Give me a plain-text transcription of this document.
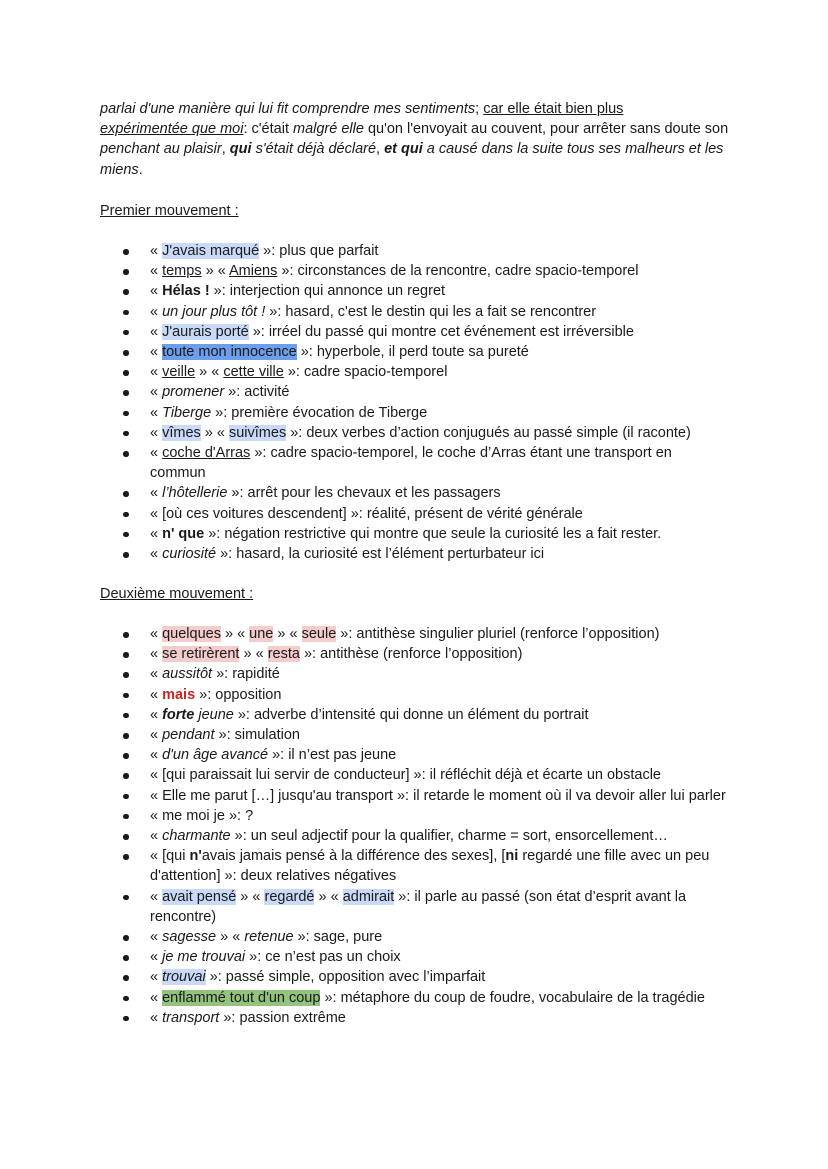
parlai d'une manière qui lui fit comprendre mes sentiments; car elle était bien plus
expérimentée que moi: c'était malgré elle qu'on l'envoyait au couvent, pour arrêter sans doute son penchant au plaisir, qui s'était déjà déclaré, et qui a causé dans la suite tous ses malheurs et les miens.

Premier mouvement :

« J'avais marqué »: plus que parfait
« temps » « Amiens »: circonstances de la rencontre, cadre spacio-temporel
« Hélas ! »: interjection qui annonce un regret
« un jour plus tôt ! »: hasard, c'est le destin qui les a fait se rencontrer
« J'aurais porté »: irréel du passé qui montre cet événement est irréversible
« toute mon innocence »: hyperbole, il perd toute sa pureté
« veille » « cette ville »: cadre spacio-temporel
« promener »: activité
« Tiberge »: première évocation de Tiberge
« vîmes » « suivîmes »: deux verbes d’action conjugués au passé simple (il raconte)
« coche d'Arras »: cadre spacio-temporel, le coche d’Arras étant une transport en commun
« l’hôtellerie »: arrêt pour les chevaux et les passagers
« [où ces voitures descendent] »: réalité, présent de vérité générale
« n' que »: négation restrictive qui montre que seule la curiosité les a fait rester.
« curiosité »: hasard, la curiosité est l’élément perturbateur ici

Deuxième mouvement :

« quelques » « une » « seule »: antithèse singulier pluriel (renforce l’opposition)
« se retirèrent » « resta »: antithèse (renforce l’opposition)
« aussitôt »: rapidité
« mais »: opposition
« forte jeune »: adverbe d’intensité qui donne un élément du portrait
« pendant »: simulation
« d'un âge avancé »: il n’est pas jeune
« [qui paraissait lui servir de conducteur] »: il réfléchit déjà et écarte un obstacle
« Elle me parut […] jusqu'au transport »: il retarde le moment où il va devoir aller lui parler
« me moi je »: ?
« charmante »: un seul adjectif pour la qualifier, charme = sort, ensorcellement…
« [qui n'avais jamais pensé à la différence des sexes], [ni regardé une fille avec un peu d'attention] »: deux relatives négatives
« avait pensé » « regardé » « admirait »: il parle au passé (son état d’esprit avant la rencontre)
« sagesse » « retenue »: sage, pure
« je me trouvai »: ce n’est pas un choix
« trouvai »: passé simple, opposition avec l’imparfait
« enflammé tout d'un coup »: métaphore du coup de foudre, vocabulaire de la tragédie
« transport »: passion extrême
